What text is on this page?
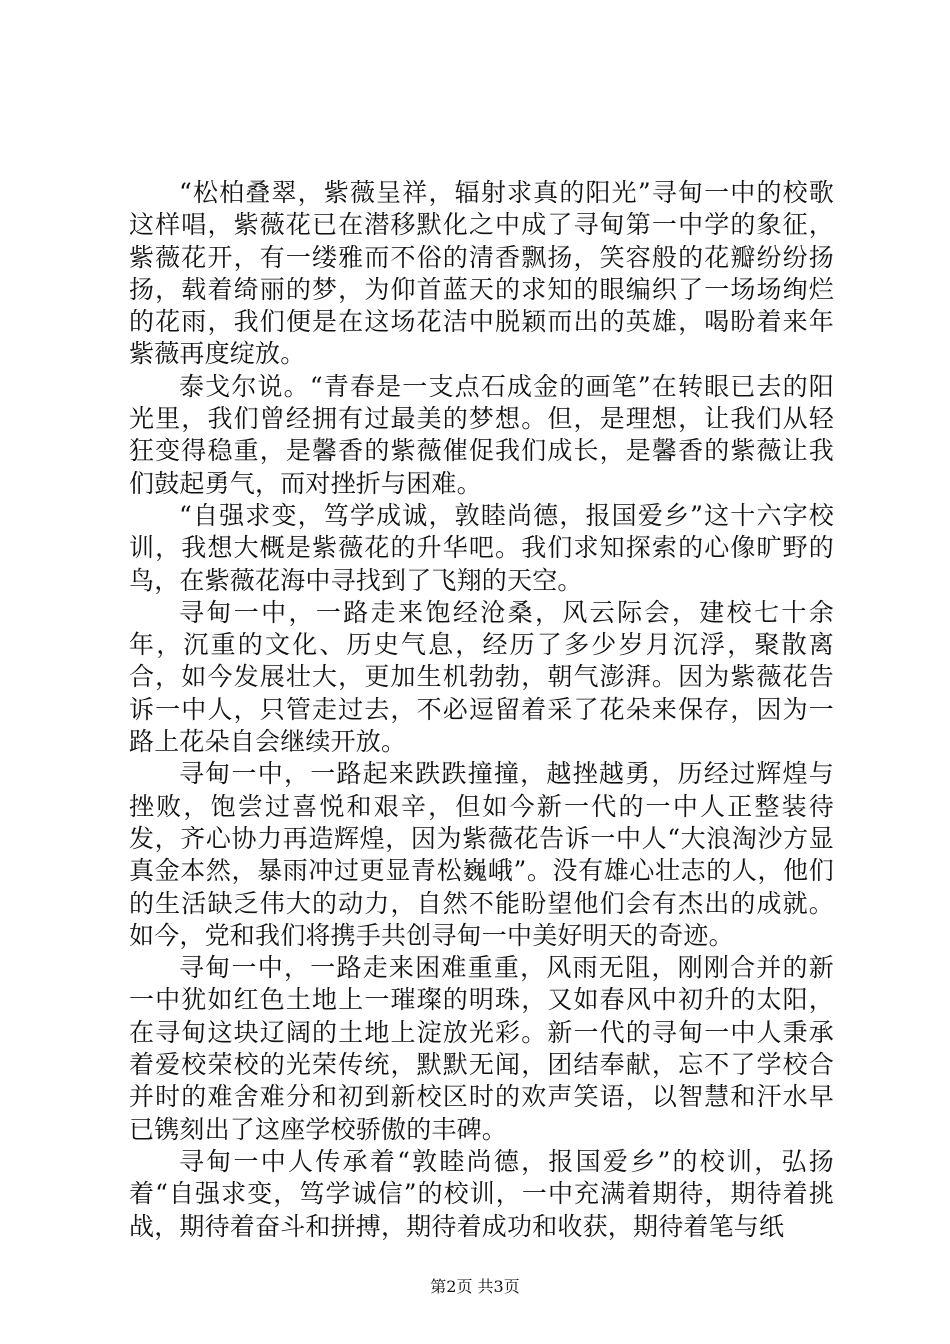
“松柏叠翠，紫薇呈祥，辐射求真的阳光”寻甸一中的校歌这样唱，紫薇花已在潜移默化之中成了寻甸第一中学的象征，紫薇花开，有一缕雅而不俗的清香飘扬，笑容般的花瓣纷纷扬扬，载着绮丽的梦，为仰首蓝天的求知的眼编织了一场场绚烂的花雨，我们便是在这场花洁中脱颖而出的英雄，喝盼着来年紫薇再度绽放。

泰戈尔说。“青春是一支点石成金的画笔”在转眼已去的阳光里，我们曾经拥有过最美的梦想。但，是理想，让我们从轻狂变得稳重，是馨香的紫薇催促我们成长，是馨香的紫薇让我们鼓起勇气，而对挫折与困难。

“自强求变，笃学成诚，敦睦尚德，报国爱乡”这十六字校训，我想大概是紫薇花的升华吧。我们求知探索的心像旷野的鸟，在紫薇花海中寻找到了飞翔的天空。

寻甸一中，一路走来饱经沧桑，风云际会，建校七十余年，沉重的文化、历史气息，经历了多少岁月沉浮，聚散离合，如今发展壮大，更加生机勃勃，朝气澎湃。因为紫薇花告诉一中人，只管走过去，不必逗留着采了花朵来保存，因为一路上花朵自会继续开放。

寻甸一中，一路起来跌跌撞撞，越挫越勇，历经过辉煌与挫败，饱尝过喜悦和艰辛，但如今新一代的一中人正整装待发，齐心协力再造辉煌，因为紫薇花告诉一中人“大浪淘沙方显真金本然，暴雨冲过更显青松巍峨”。没有雄心壮志的人，他们的生活缺乏伟大的动力，自然不能盼望他们会有杰出的成就。如今，党和我们将携手共创寻甸一中美好明天的奇迹。

寻甸一中，一路走来困难重重，风雨无阻，刚刚合并的新一中犹如红色土地上一璀璨的明珠，又如春风中初升的太阳，在寻甸这块辽阔的土地上淀放光彩。新一代的寻甸一中人秉承着爱校荣校的光荣传统，默默无闻，团结奉献，忘不了学校合并时的难舍难分和初到新校区时的欢声笑语，以智慧和汗水早已镌刻出了这座学校骄傲的丰碑。

寻甸一中人传承着“敦睦尚德，报国爱乡”的校训，弘扬着“自强求变，笃学诚信”的校训，一中充满着期待，期待着挑战，期待着奋斗和拼搏，期待着成功和收获，期待着笔与纸

第2页 共3页
